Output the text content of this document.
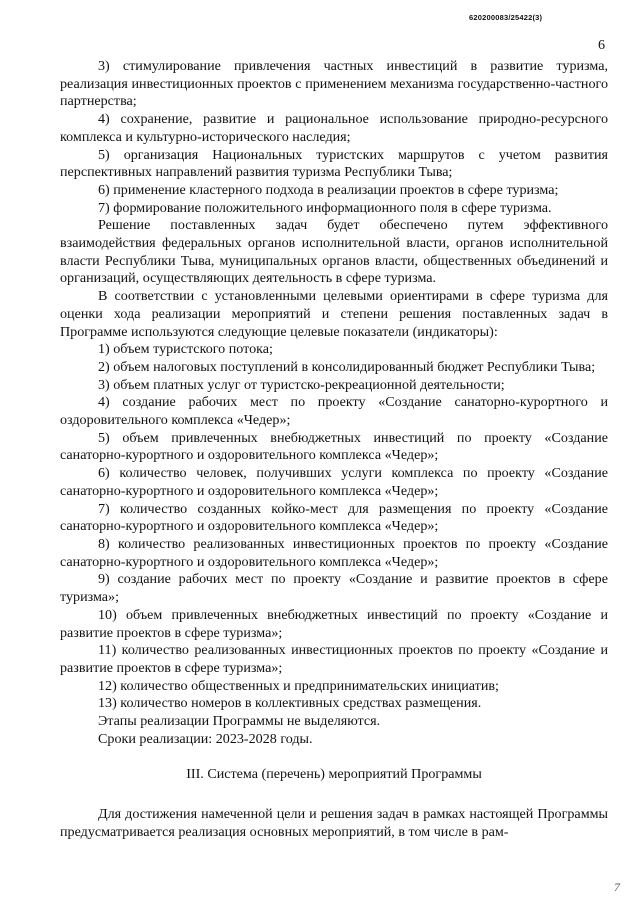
620200083/25422(3)
6

3) стимулирование привлечения частных инвестиций в развитие туризма, реализация инвестиционных проектов с применением механизма государственно-частного партнерства;

4) сохранение, развитие и рациональное использование природно-ресурсного комплекса и культурно-исторического наследия;

5) организация Национальных туристских маршрутов с учетом развития перспективных направлений развития туризма Республики Тыва;

6) применение кластерного подхода в реализации проектов в сфере туризма;

7) формирование положительного информационного поля в сфере туризма.

Решение поставленных задач будет обеспечено путем эффективного взаимодействия федеральных органов исполнительной власти, органов исполнительной власти Республики Тыва, муниципальных органов власти, общественных объединений и организаций, осуществляющих деятельность в сфере туризма.

В соответствии с установленными целевыми ориентирами в сфере туризма для оценки хода реализации мероприятий и степени решения поставленных задач в Программе используются следующие целевые показатели (индикаторы):

1) объем туристского потока;

2) объем налоговых поступлений в консолидированный бюджет Республики Тыва;

3) объем платных услуг от туристско-рекреационной деятельности;

4) создание рабочих мест по проекту «Создание санаторно-курортного и оздоровительного комплекса «Чедер»;

5) объем привлеченных внебюджетных инвестиций по проекту «Создание санаторно-курортного и оздоровительного комплекса «Чедер»;

6) количество человек, получивших услуги комплекса по проекту «Создание санаторно-курортного и оздоровительного комплекса «Чедер»;

7) количество созданных койко-мест для размещения по проекту «Создание санаторно-курортного и оздоровительного комплекса «Чедер»;

8) количество реализованных инвестиционных проектов по проекту «Создание санаторно-курортного и оздоровительного комплекса «Чедер»;

9) создание рабочих мест по проекту «Создание и развитие проектов в сфере туризма»;

10) объем привлеченных внебюджетных инвестиций по проекту «Создание и развитие проектов в сфере туризма»;

11) количество реализованных инвестиционных проектов по проекту «Создание и развитие проектов в сфере туризма»;

12) количество общественных и предпринимательских инициатив;

13) количество номеров в коллективных средствах размещения.

Этапы реализации Программы не выделяются.

Сроки реализации: 2023-2028 годы.

III. Система (перечень) мероприятий Программы

Для достижения намеченной цели и решения задач в рамках настоящей Программы предусматривается реализация основных мероприятий, в том числе в рам-

7
